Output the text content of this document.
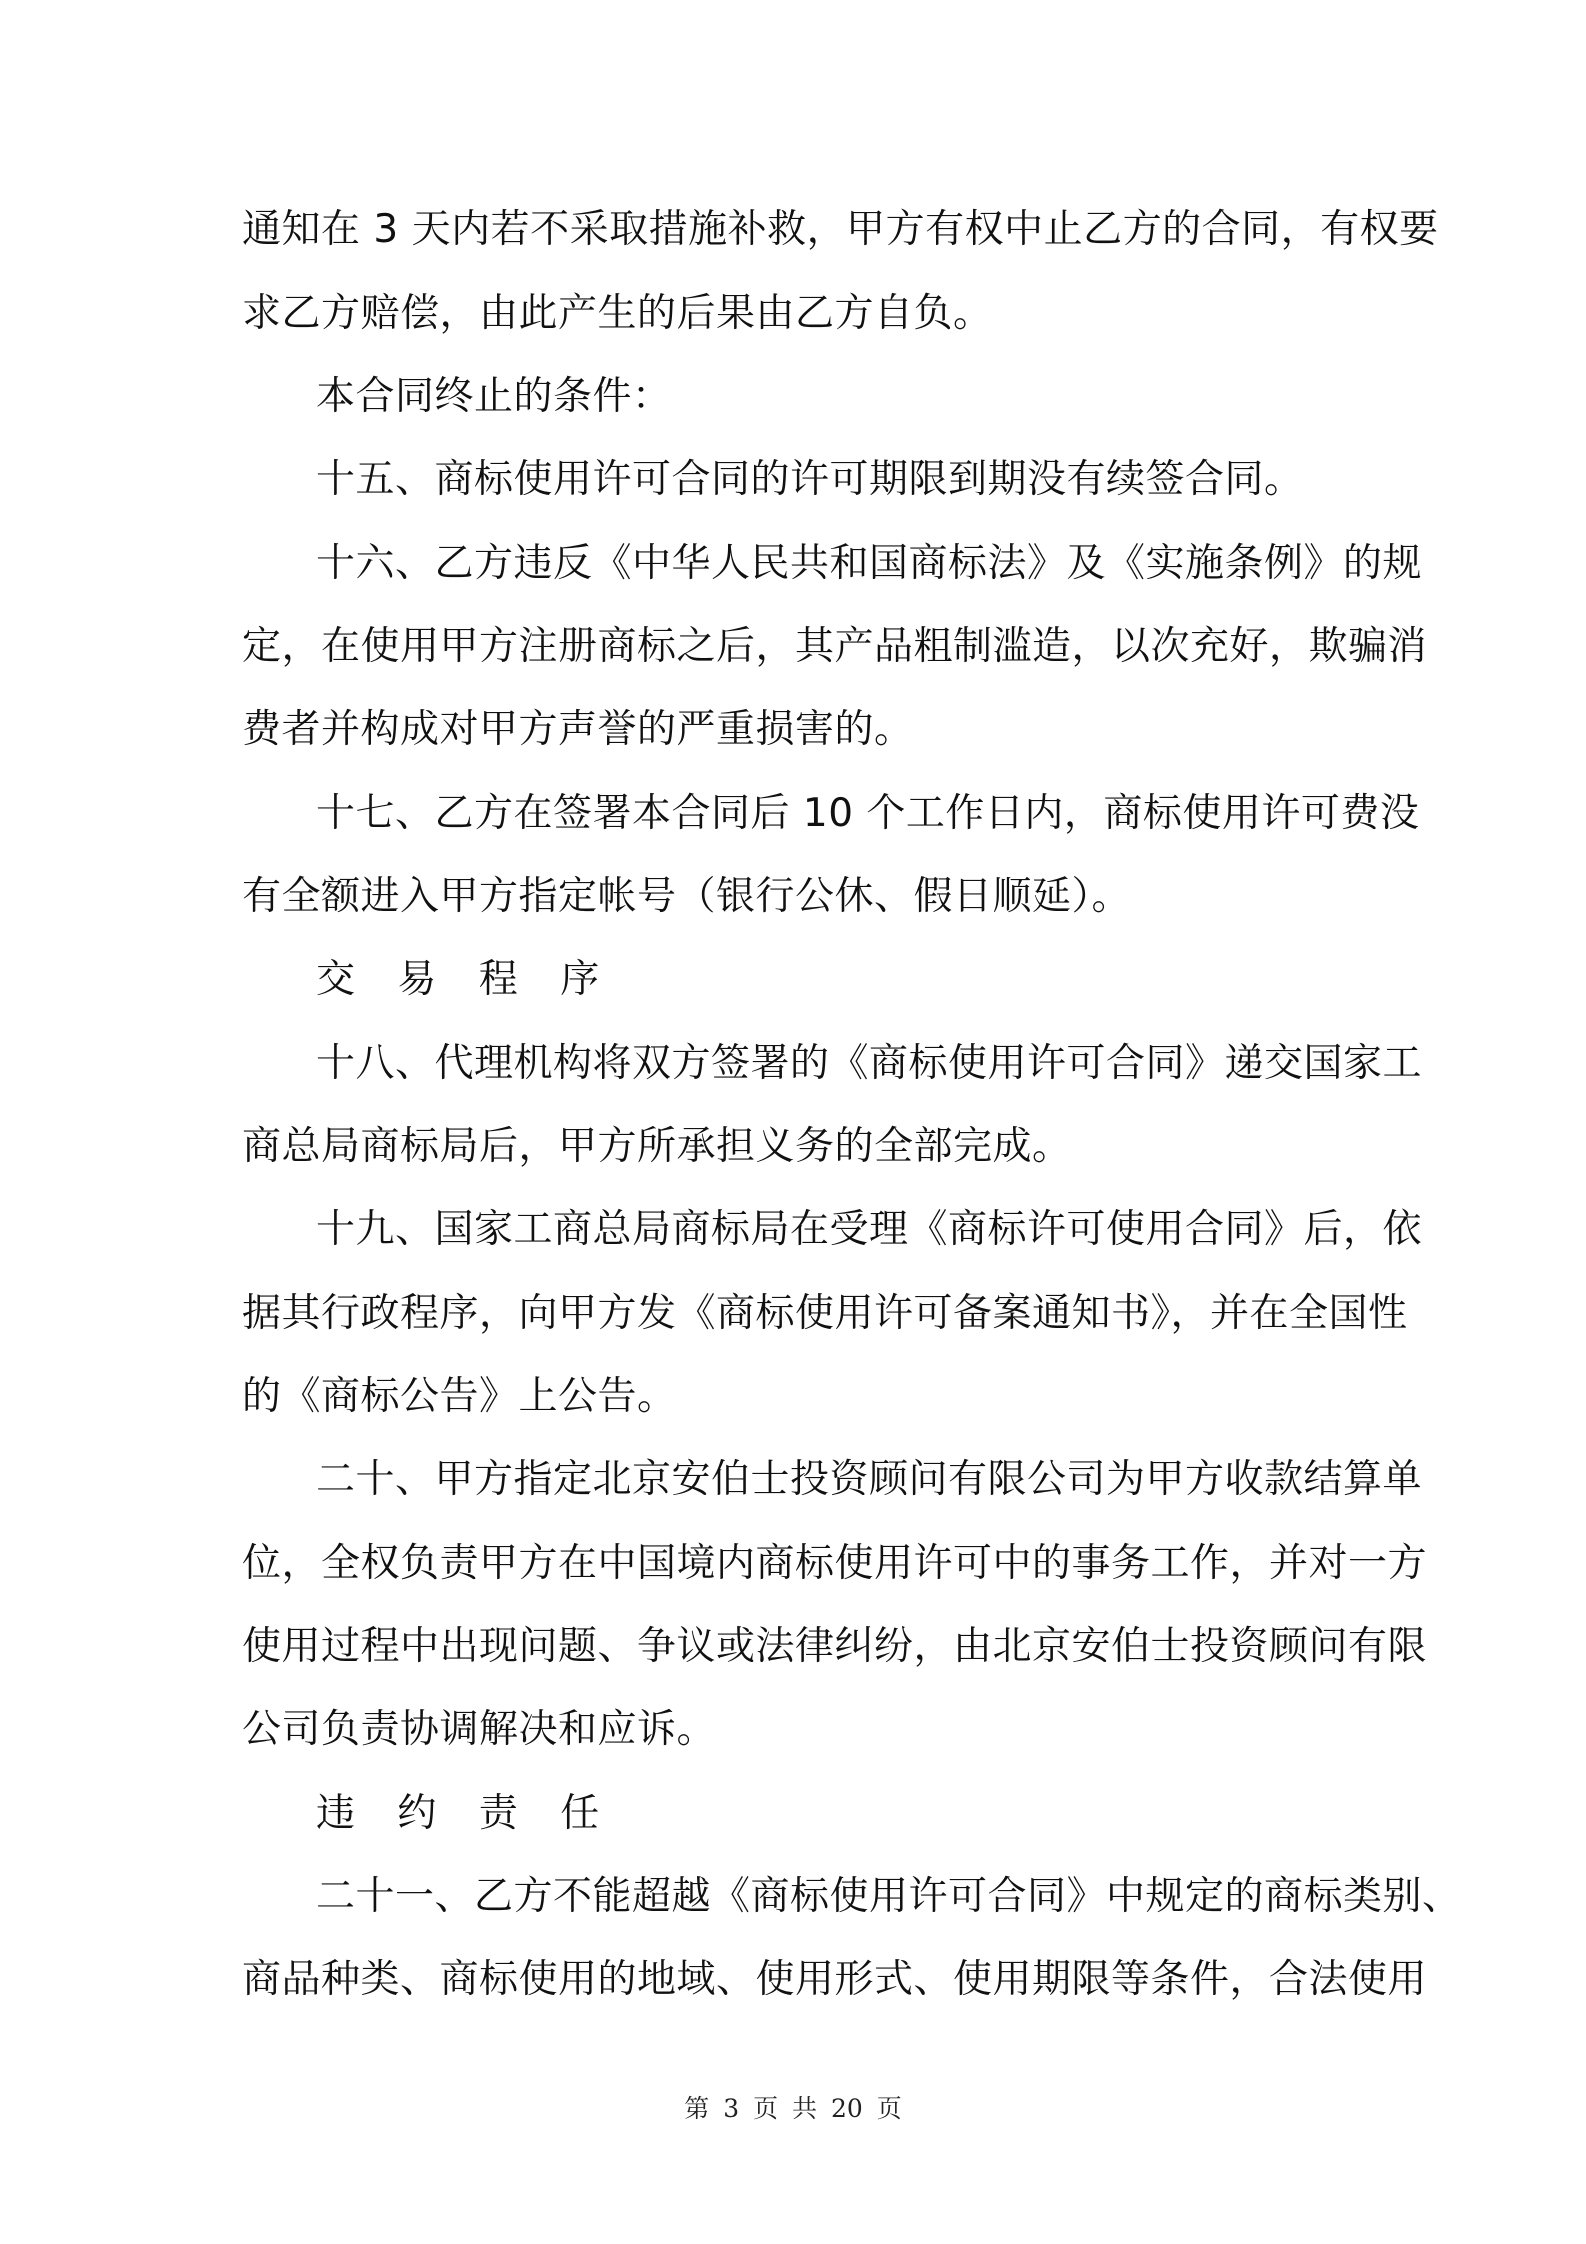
通知在 3 天内若不采取措施补救，甲方有权中止乙方的合同，有权要
求乙方赔偿，由此产生的后果由乙方自负。
本合同终止的条件：
十五、商标使用许可合同的许可期限到期没有续签合同。
十六、乙方违反《中华人民共和国商标法》及《实施条例》的规
定，在使用甲方注册商标之后，其产品粗制滥造，以次充好，欺骗消
费者并构成对甲方声誉的严重损害的。
十七、乙方在签署本合同后 10 个工作日内，商标使用许可费没
有全额进入甲方指定帐号（银行公休、假日顺延）。
交 易 程 序
十八、代理机构将双方签署的《商标使用许可合同》递交国家工
商总局商标局后，甲方所承担义务的全部完成。
十九、国家工商总局商标局在受理《商标许可使用合同》后，依
据其行政程序，向甲方发《商标使用许可备案通知书》，并在全国性
的《商标公告》上公告。
二十、甲方指定北京安伯士投资顾问有限公司为甲方收款结算单
位，全权负责甲方在中国境内商标使用许可中的事务工作，并对一方
使用过程中出现问题、争议或法律纠纷，由北京安伯士投资顾问有限
公司负责协调解决和应诉。
违 约 责 任
二十一、乙方不能超越《商标使用许可合同》中规定的商标类别、
商品种类、商标使用的地域、使用形式、使用期限等条件，合法使用
第 3 页 共 20 页
